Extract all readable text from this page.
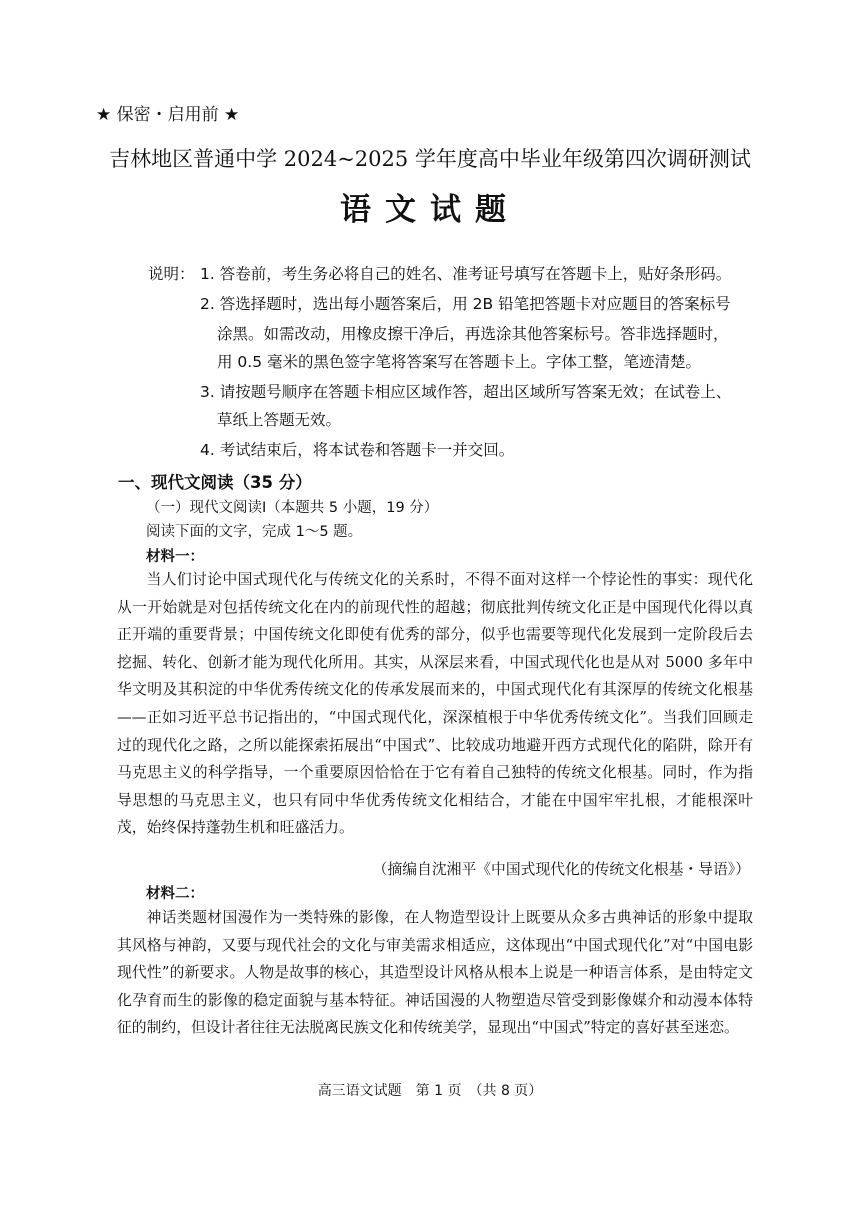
★ 保密・启用前 ★
吉林地区普通中学 2024~2025 学年度高中毕业年级第四次调研测试
语文试题
说明： 1. 答卷前，考生务必将自己的姓名、准考证号填写在答题卡上，贴好条形码。
2. 答选择题时，选出每小题答案后，用 2B 铅笔把答题卡对应题目的答案标号
涂黑。如需改动，用橡皮擦干净后，再选涂其他答案标号。答非选择题时，
用 0.5 毫米的黑色签字笔将答案写在答题卡上。字体工整，笔迹清楚。
3. 请按题号顺序在答题卡相应区域作答，超出区域所写答案无效；在试卷上、
草纸上答题无效。
4. 考试结束后，将本试卷和答题卡一并交回。
一、现代文阅读（35 分）
（一）现代文阅读Ⅰ（本题共 5 小题，19 分）
阅读下面的文字，完成 1～5 题。
材料一：

当人们讨论中国式现代化与传统文化的关系时，不得不面对这样一个悖论性的事实：现代化从一开始就是对包括传统文化在内的前现代性的超越；彻底批判传统文化正是中国现代化得以真正开端的重要背景；中国传统文化即使有优秀的部分，似乎也需要等现代化发展到一定阶段后去挖掘、转化、创新才能为现代化所用。其实，从深层来看，中国式现代化也是从对 5000 多年中华文明及其积淀的中华优秀传统文化的传承发展而来的，中国式现代化有其深厚的传统文化根基——正如习近平总书记指出的，“中国式现代化，深深植根于中华优秀传统文化”。当我们回顾走过的现代化之路，之所以能探索拓展出“中国式”、比较成功地避开西方式现代化的陷阱，除开有马克思主义的科学指导，一个重要原因恰恰在于它有着自己独特的传统文化根基。同时，作为指导思想的马克思主义，也只有同中华优秀传统文化相结合，才能在中国牢牢扎根，才能根深叶茂，始终保持蓬勃生机和旺盛活力。

（摘编自沈湘平《中国式现代化的传统文化根基・导语》）
材料二：

神话类题材国漫作为一类特殊的影像，在人物造型设计上既要从众多古典神话的形象中提取其风格与神韵，又要与现代社会的文化与审美需求相适应，这体现出“中国式现代化”对“中国电影现代性”的新要求。人物是故事的核心，其造型设计风格从根本上说是一种语言体系，是由特定文化孕育而生的影像的稳定面貌与基本特征。神话国漫的人物塑造尽管受到影像媒介和动漫本体特征的制约，但设计者往往无法脱离民族文化和传统美学，显现出“中国式”特定的喜好甚至迷恋。

高三语文试题　第 1 页　（共 8 页）
